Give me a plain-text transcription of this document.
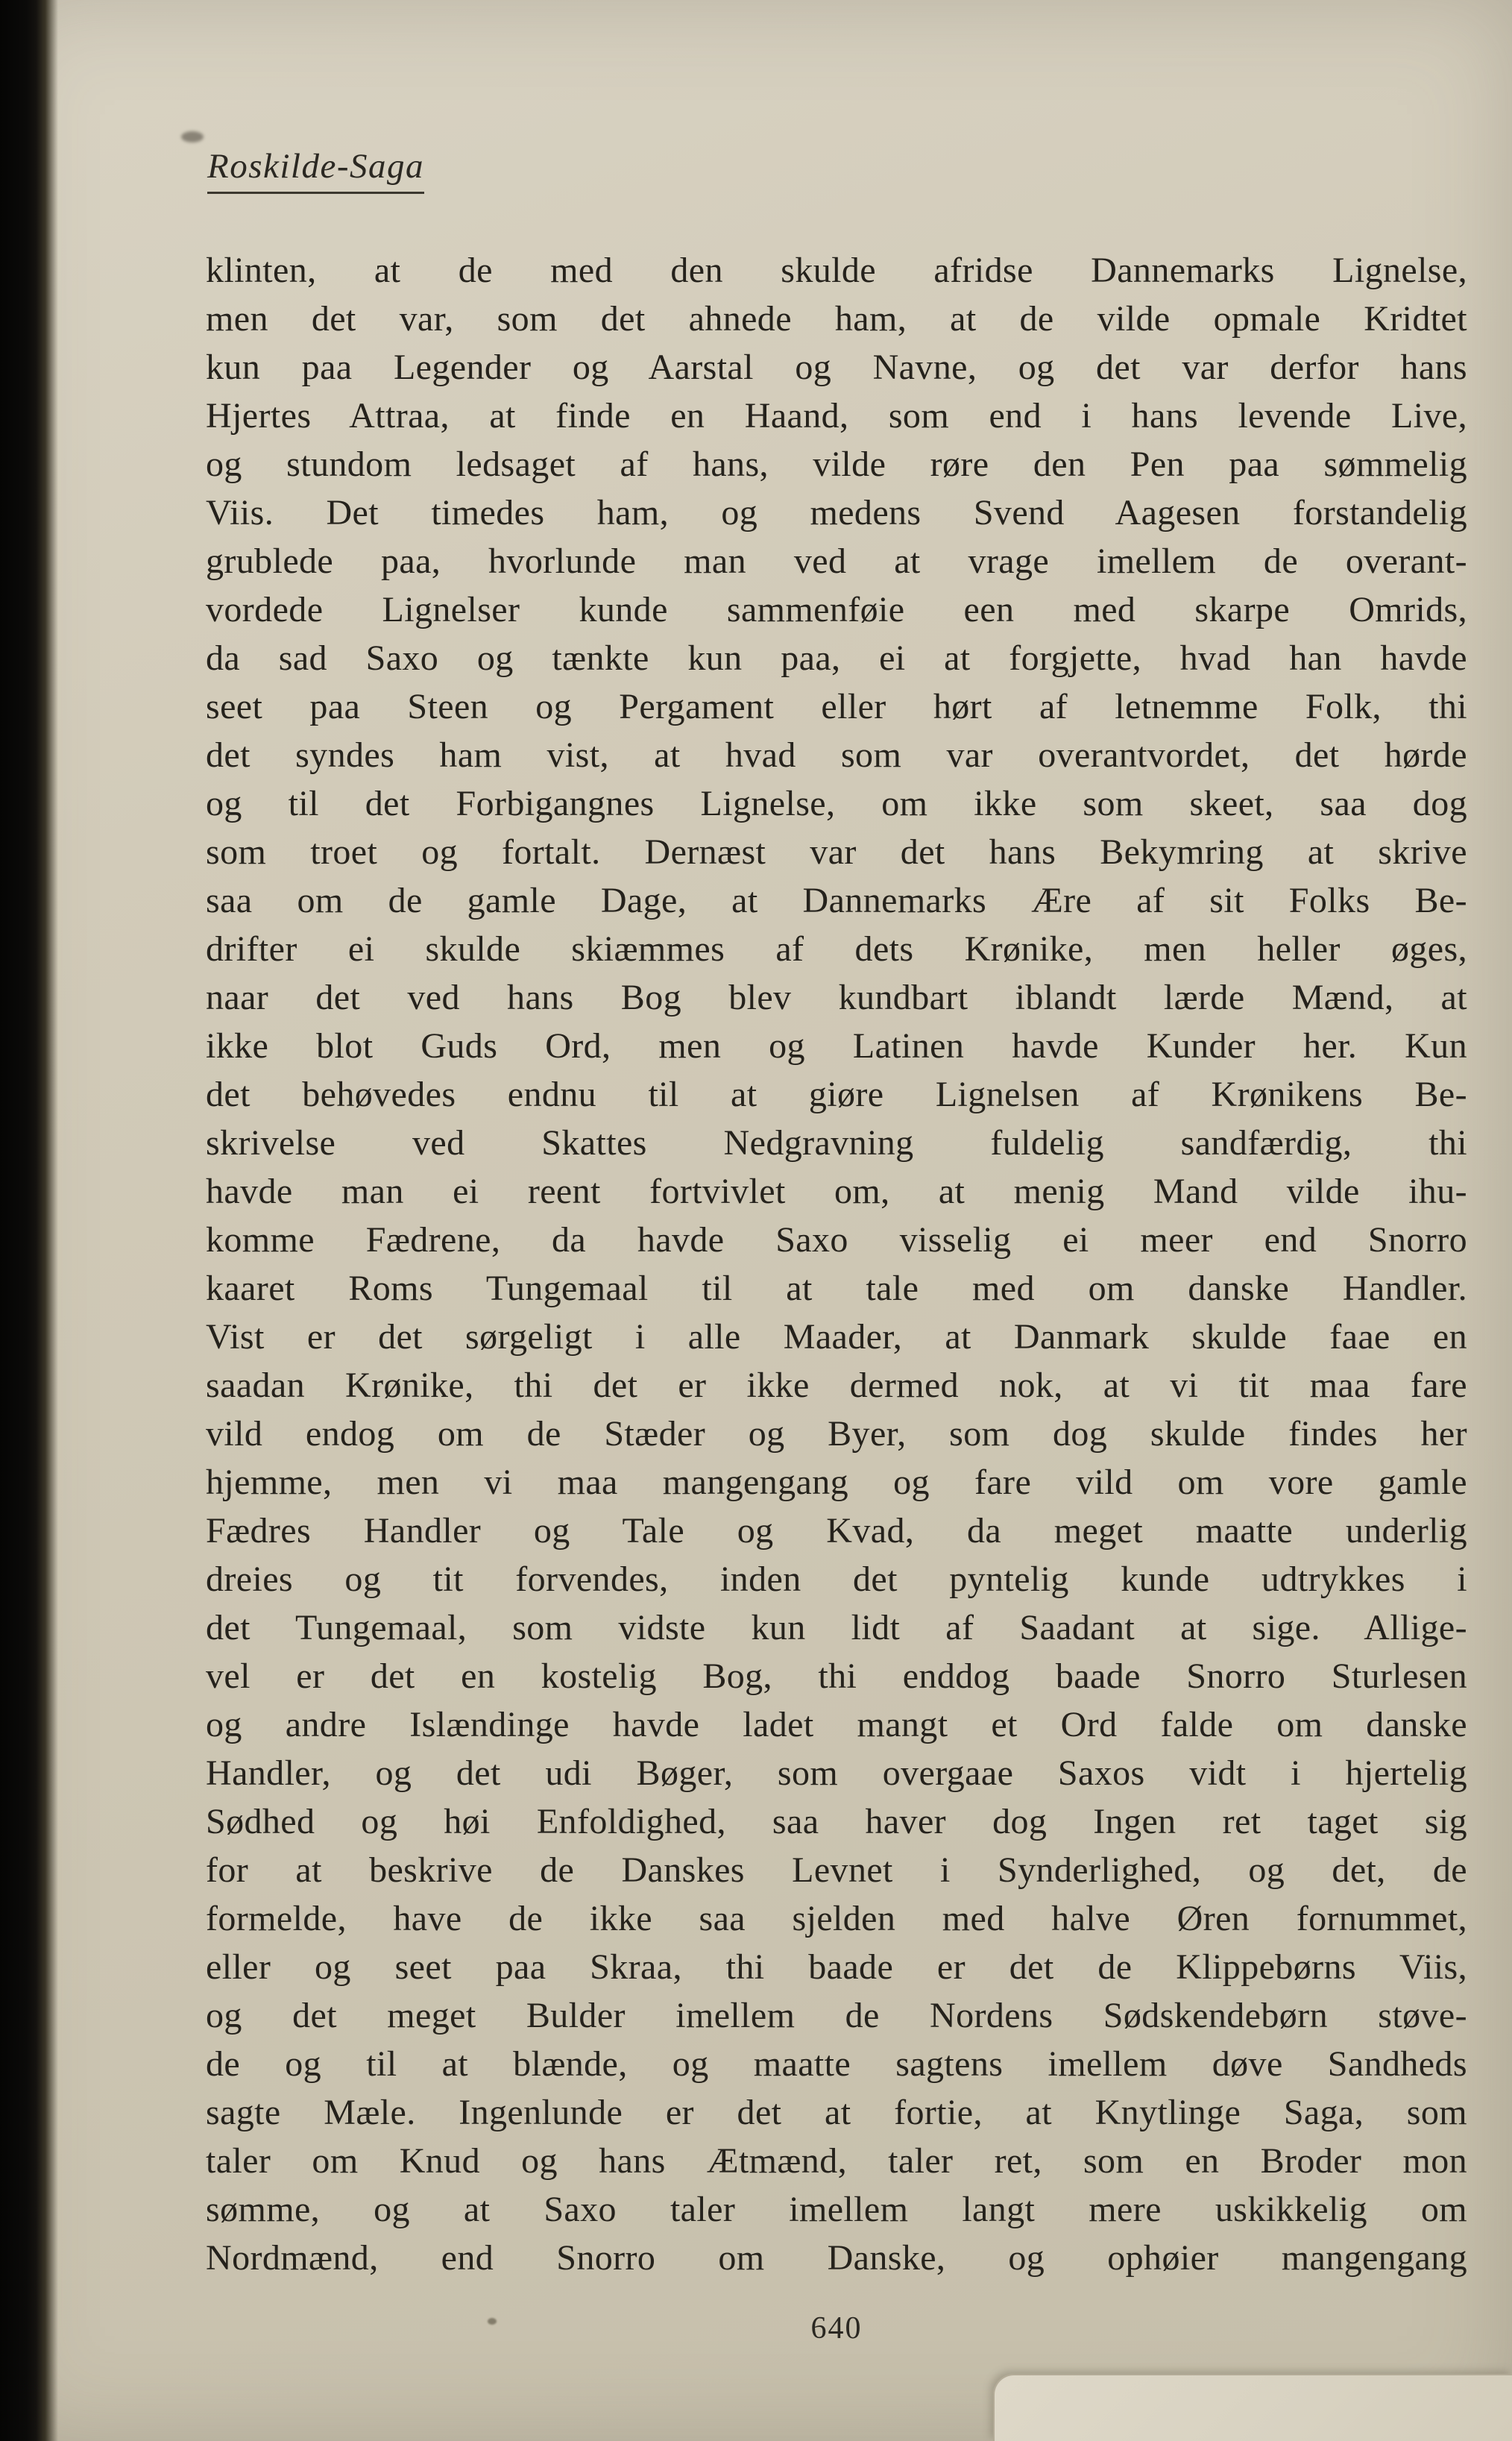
Roskilde-Saga
klinten, at de med den skulde afridse Dannemarks Lignelse,
men det var, som det ahnede ham, at de vilde opmale Kridtet
kun paa Legender og Aarstal og Navne, og det var derfor hans
Hjertes Attraa, at finde en Haand, som end i hans levende Live,
og stundom ledsaget af hans, vilde røre den Pen paa sømmelig
Viis. Det timedes ham, og medens Svend Aagesen forstandelig
grublede paa, hvorlunde man ved at vrage imellem de overant-
vordede Lignelser kunde sammenføie een med skarpe Omrids,
da sad Saxo og tænkte kun paa, ei at forgjette, hvad han havde
seet paa Steen og Pergament eller hørt af letnemme Folk, thi
det syndes ham vist, at hvad som var overantvordet, det hørde
og til det Forbigangnes Lignelse, om ikke som skeet, saa dog
som troet og fortalt. Dernæst var det hans Bekymring at skrive
saa om de gamle Dage, at Dannemarks Ære af sit Folks Be-
drifter ei skulde skiæmmes af dets Krønike, men heller øges,
naar det ved hans Bog blev kundbart iblandt lærde Mænd, at
ikke blot Guds Ord, men og Latinen havde Kunder her. Kun
det behøvedes endnu til at giøre Lignelsen af Krønikens Be-
skrivelse ved Skattes Nedgravning fuldelig sandfærdig, thi
havde man ei reent fortvivlet om, at menig Mand vilde ihu-
komme Fædrene, da havde Saxo visselig ei meer end Snorro
kaaret Roms Tungemaal til at tale med om danske Handler.
Vist er det sørgeligt i alle Maader, at Danmark skulde faae en
saadan Krønike, thi det er ikke dermed nok, at vi tit maa fare
vild endog om de Stæder og Byer, som dog skulde findes her
hjemme, men vi maa mangengang og fare vild om vore gamle
Fædres Handler og Tale og Kvad, da meget maatte underlig
dreies og tit forvendes, inden det pyntelig kunde udtrykkes i
det Tungemaal, som vidste kun lidt af Saadant at sige. Allige-
vel er det en kostelig Bog, thi enddog baade Snorro Sturlesen
og andre Islændinge havde ladet mangt et Ord falde om danske
Handler, og det udi Bøger, som overgaae Saxos vidt i hjertelig
Sødhed og høi Enfoldighed, saa haver dog Ingen ret taget sig
for at beskrive de Danskes Levnet i Synderlighed, og det, de
formelde, have de ikke saa sjelden med halve Øren fornummet,
eller og seet paa Skraa, thi baade er det de Klippebørns Viis,
og det meget Bulder imellem de Nordens Sødskendebørn støve-
de og til at blænde, og maatte sagtens imellem døve Sandheds
sagte Mæle. Ingenlunde er det at fortie, at Knytlinge Saga, som
taler om Knud og hans Ætmænd, taler ret, som en Broder mon
sømme, og at Saxo taler imellem langt mere uskikkelig om
Nordmænd, end Snorro om Danske, og ophøier mangengang
640
